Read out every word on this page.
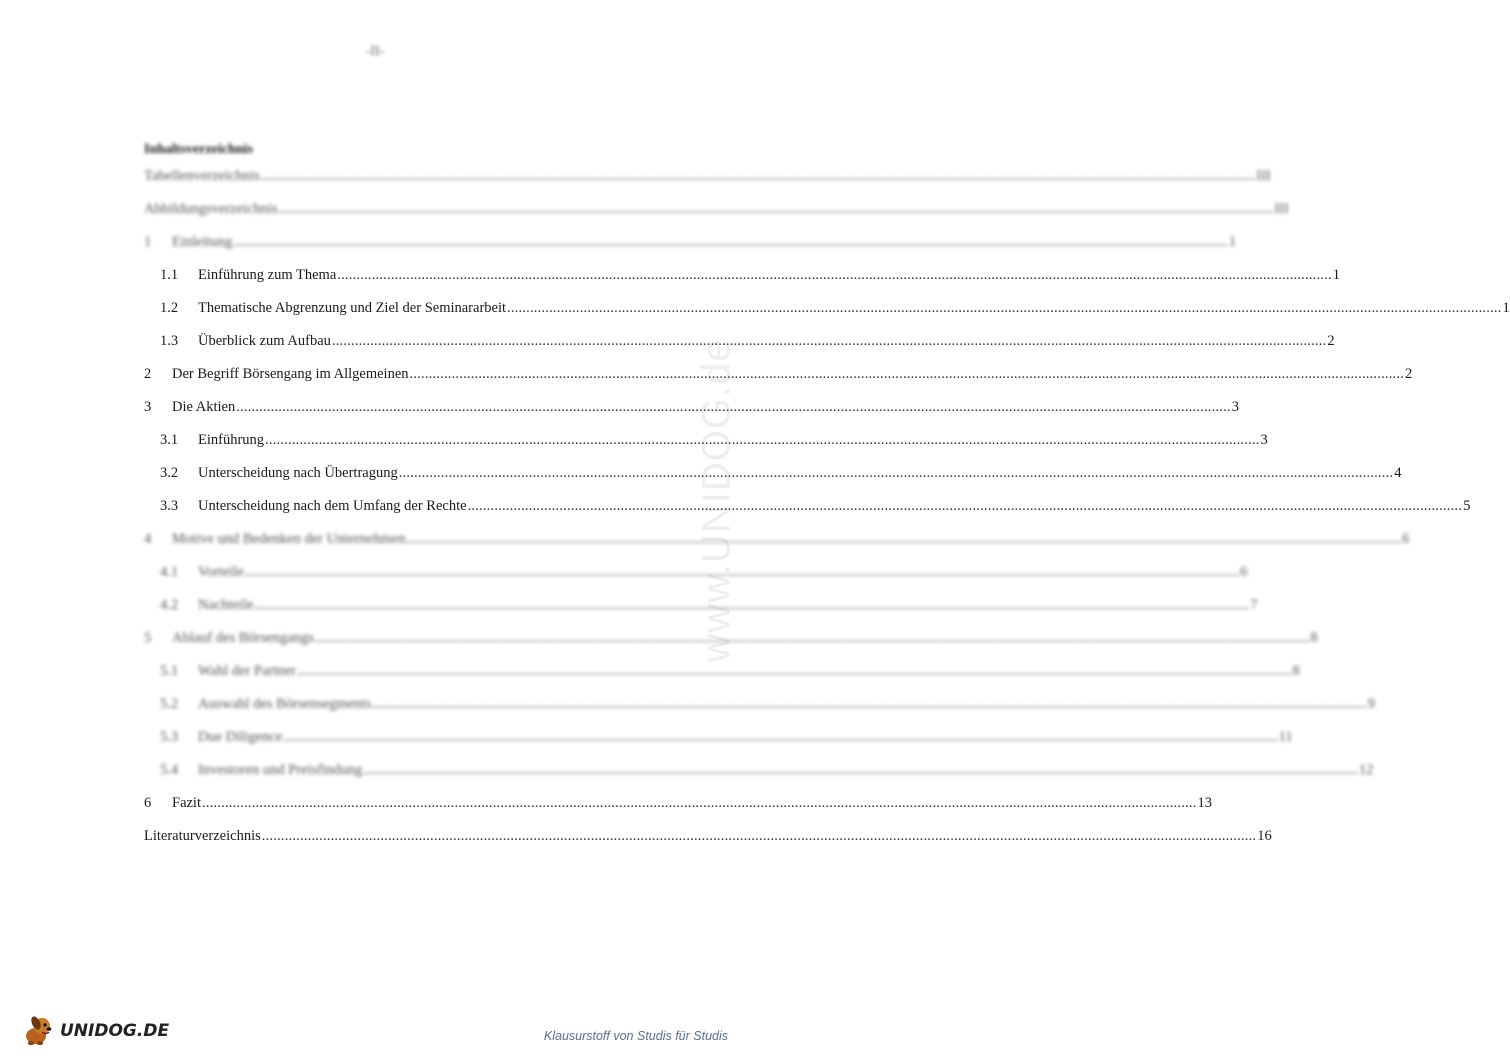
-II-
www.UNIDOG.de
Inhaltsverzeichnis
Tabellenverzeichnis .................................................................................................................................................................................................................................................................... III
Abbildungsverzeichnis .................................................................................................................................................................................................................................................................... III
1	Einleitung .................................................................................................................................................................................................................................................................... 1
1.1	Einführung zum Thema .................................................................................................................................................................................................................................................................... 1
1.2	Thematische Abgrenzung und Ziel der Seminararbeit .................................................................................................................................................................................................................................................................... 1
1.3	Überblick zum Aufbau .................................................................................................................................................................................................................................................................... 2
2	Der Begriff Börsengang im Allgemeinen .................................................................................................................................................................................................................................................................... 2
3	Die Aktien .................................................................................................................................................................................................................................................................... 3
3.1	Einführung .................................................................................................................................................................................................................................................................... 3
3.2	Unterscheidung nach Übertragung .................................................................................................................................................................................................................................................................... 4
3.3	Unterscheidung nach dem Umfang der Rechte .................................................................................................................................................................................................................................................................... 5
4	Motive und Bedenken der Unternehmen .................................................................................................................................................................................................................................................................... 6
4.1	Vorteile .................................................................................................................................................................................................................................................................... 6
4.2	Nachteile .................................................................................................................................................................................................................................................................... 7
5	Ablauf des Börsengangs .................................................................................................................................................................................................................................................................... 8
5.1	Wahl der Partner .................................................................................................................................................................................................................................................................... 8
5.2	Auswahl des Börsensegments .................................................................................................................................................................................................................................................................... 9
5.3	Due Diligence .................................................................................................................................................................................................................................................................... 11
5.4	Investoren und Preisfindung .................................................................................................................................................................................................................................................................... 12
6	Fazit .................................................................................................................................................................................................................................................................... 13
Literaturverzeichnis .................................................................................................................................................................................................................................................................... 16
UNIDOG.DE	Klausurstoff von Studis für Studis
